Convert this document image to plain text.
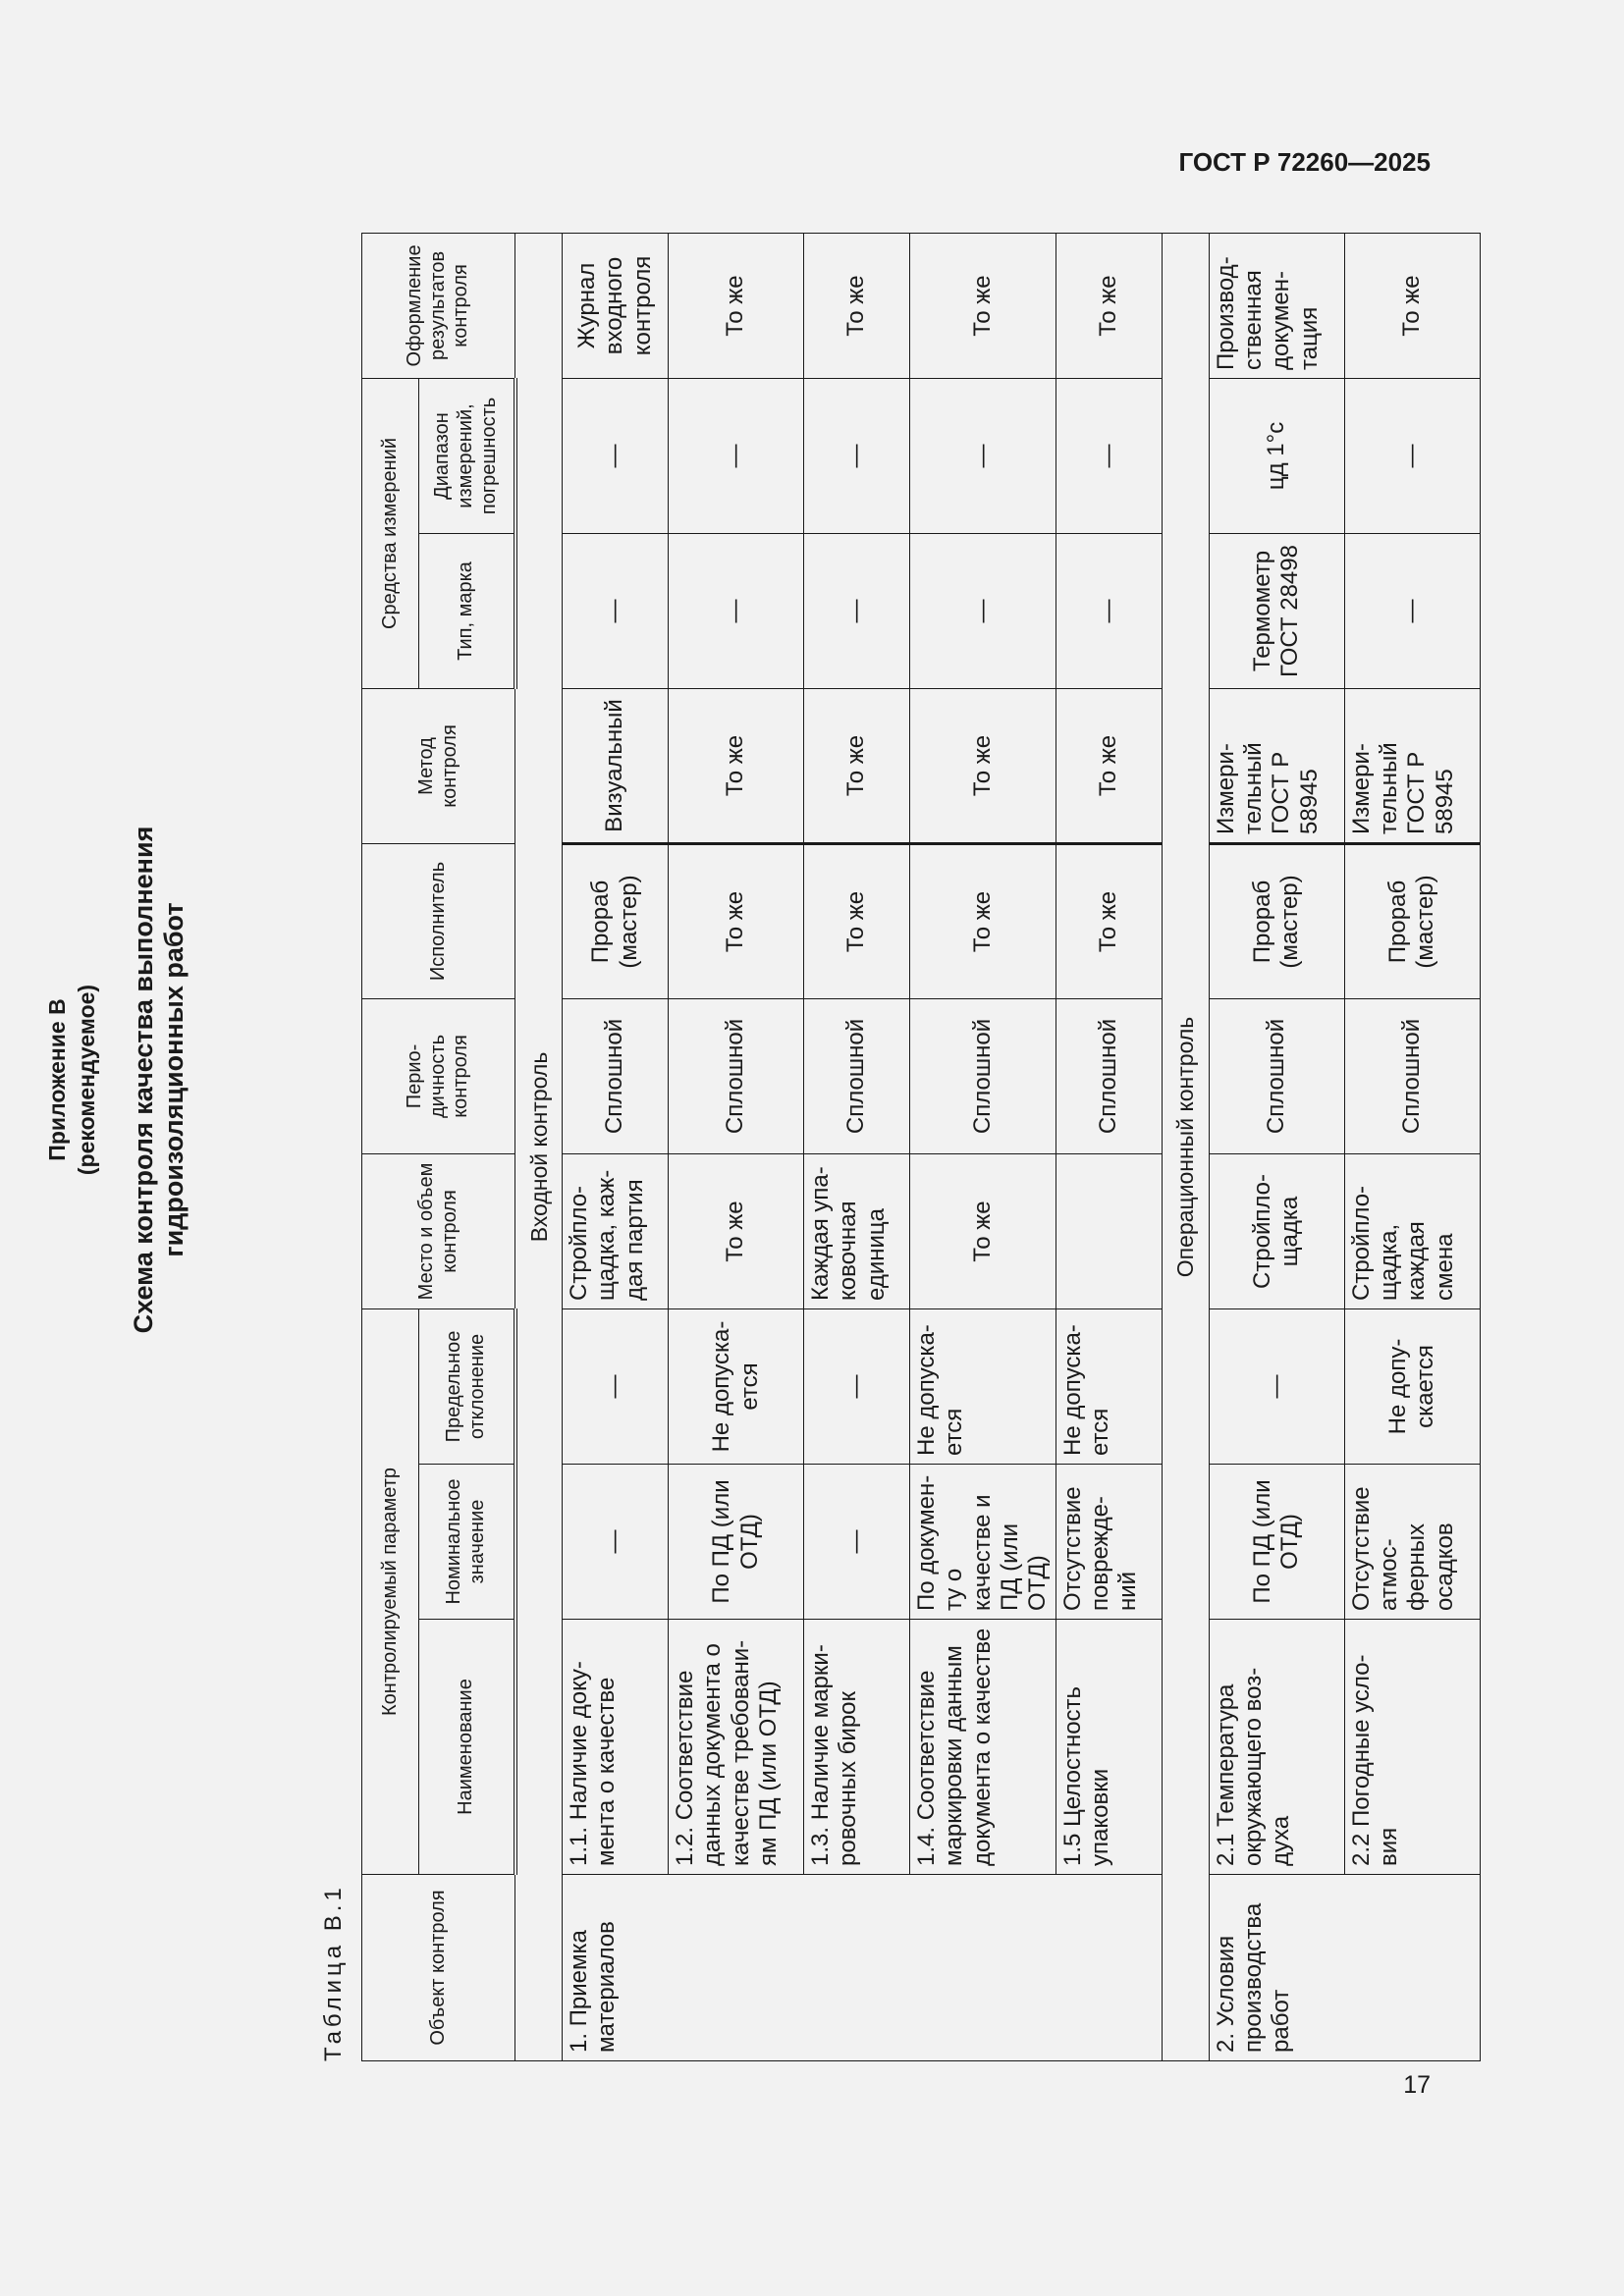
ГОСТ Р 72260—2025
17
Приложение В (рекомендуемое) Схема контроля качества выполнения гидроизоляционных работ
Таблица В.1	Объект контроля	Контролируемый параметр			Место и объем контроля	Периодичность контроля	Исполнитель	Метод контроля	Средства измерений		Оформление результатов контроля
	Наименование	Номинальное значение	Предельное отклонение					Тип, марка	Диапазон измерений, погрешность	
Входной контроль										
1. Приемка материалов	1.1. Наличие документа о качестве	—	—	Стройплощадка, каждая партия	Сплошной	Прораб (мастер)	Визуальный	—	—	Журнал входного контроля
	1.2. Соответствие данных документа о качестве требованиям ПД (или ОТД)	По ПД (или ОТД)	Не допускается	То же	Сплошной	То же	То же	—	—	То же
	1.3. Наличие маркировочных бирок	—	—	Каждая упаковочная единица	Сплошной	То же	То же	—	—	То же
	1.4. Соответствие маркировки данным документа о качестве	По документу о качестве и ПД (или ОТД)	Не допускается	То же	Сплошной	То же	То же	—	—	То же
	1.5 Целостность упаковки	Отсутствие повреждений	Не допускается		Сплошной	То же	То же	—	—	То же
Операционный контроль										
2. Условия производства работ	2.1 Температура окружающего воздуха	По ПД (или ОТД)	—	Стройплощадка	Сплошной	Прораб (мастер)	Измерительный ГОСТ Р 58945	Термометр ГОСТ 28498	цд 1°с	Производственная документация
	2.2 Погодные условия	Отсутствие атмосферных осадков	Не допускается	Стройплощадка, каждая смена	Сплошной	Прораб (мастер)	Измерительный ГОСТ Р 58945	—	—	То же
